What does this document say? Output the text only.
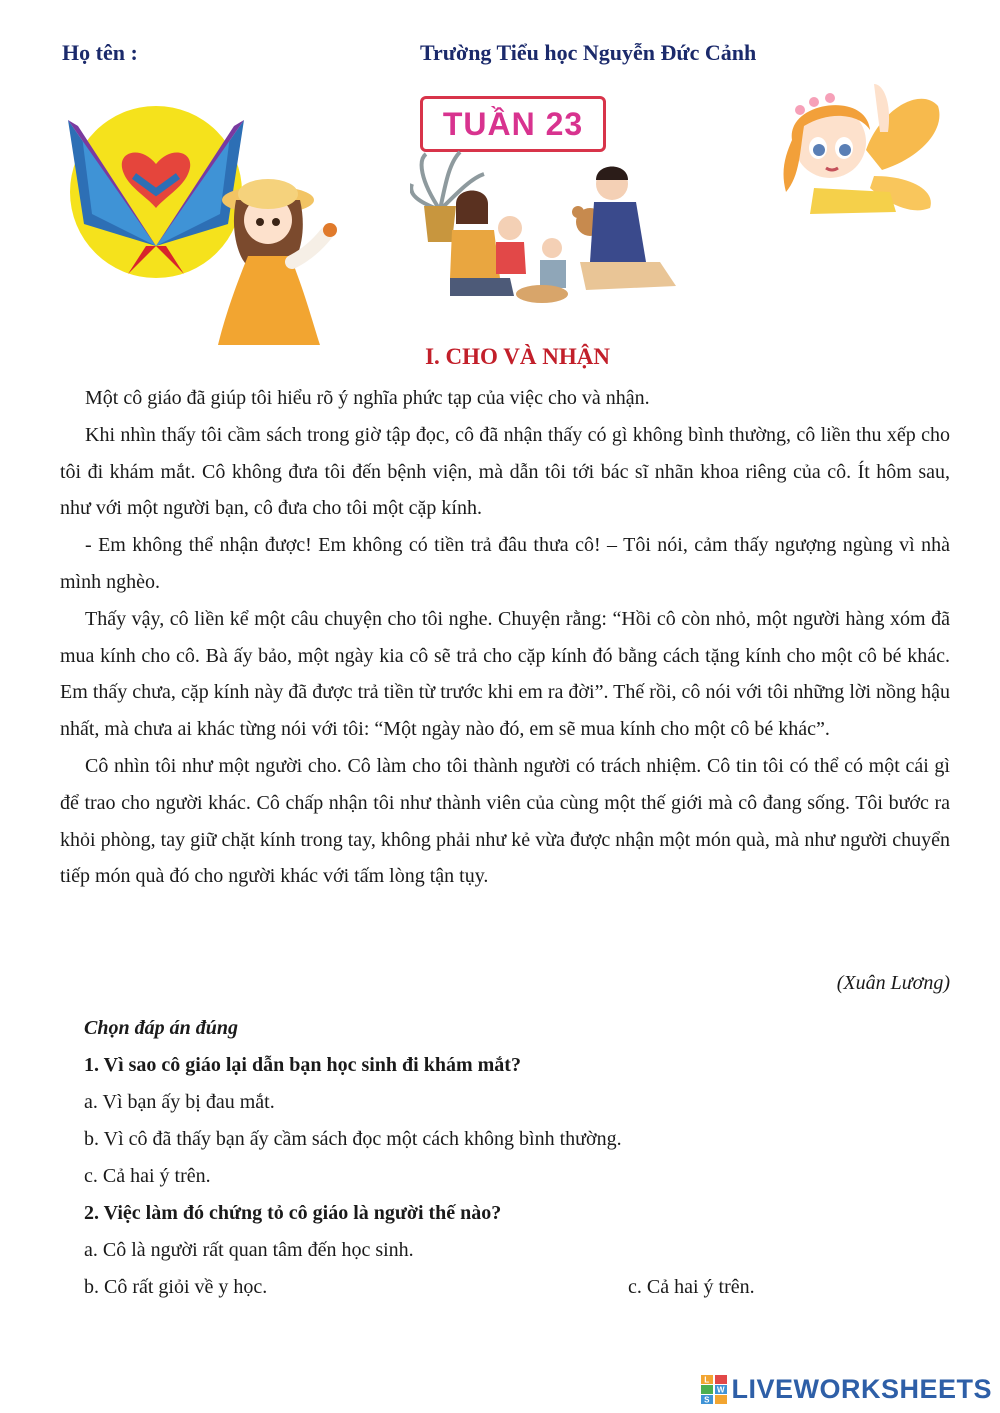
Họ tên :	Trường Tiểu học Nguyễn Đức Cảnh
TUẦN 23
I. CHO VÀ NHẬN

Một cô giáo đã giúp tôi hiểu rõ ý nghĩa phức tạp của việc cho và nhận.

Khi nhìn thấy tôi cầm sách trong giờ tập đọc, cô đã nhận thấy có gì không bình thường, cô liền thu xếp cho tôi đi khám mắt. Cô không đưa tôi đến bệnh viện, mà dẫn tôi tới bác sĩ nhãn khoa riêng của cô. Ít hôm sau, như với một người bạn, cô đưa cho tôi một cặp kính.

- Em không thể nhận được! Em không có tiền trả đâu thưa cô! – Tôi nói, cảm thấy ngượng ngùng vì nhà mình nghèo.

Thấy vậy, cô liền kể một câu chuyện cho tôi nghe. Chuyện rằng: “Hồi cô còn nhỏ, một người hàng xóm đã mua kính cho cô. Bà ấy bảo, một ngày kia cô sẽ trả cho cặp kính đó bằng cách tặng kính cho một cô bé khác. Em thấy chưa, cặp kính này đã được trả tiền từ trước khi em ra đời”. Thế rồi, cô nói với tôi những lời nồng hậu nhất, mà chưa ai khác từng nói với tôi: “Một ngày nào đó, em sẽ mua kính cho một cô bé khác”.

Cô nhìn tôi như một người cho. Cô làm cho tôi thành người có trách nhiệm. Cô tin tôi có thể có một cái gì để trao cho người khác. Cô chấp nhận tôi như thành viên của cùng một thế giới mà cô đang sống. Tôi bước ra khỏi phòng, tay giữ chặt kính trong tay, không phải như kẻ vừa được nhận một món quà, mà như người chuyển tiếp món quà đó cho người khác với tấm lòng tận tụy.

(Xuân Lương)
Chọn đáp án đúng
1. Vì sao cô giáo lại dẫn bạn học sinh đi khám mắt?
a. Vì bạn ấy bị đau mắt.
b. Vì cô đã thấy bạn ấy cầm sách đọc một cách không bình thường.
c. Cả hai ý trên.
2. Việc làm đó chứng tỏ cô giáo là người thế nào?
a. Cô là người rất quan tâm đến học sinh.
b. Cô rất giỏi về y học.	c. Cả hai ý trên.
L
W
S LIVEWORKSHEETS
